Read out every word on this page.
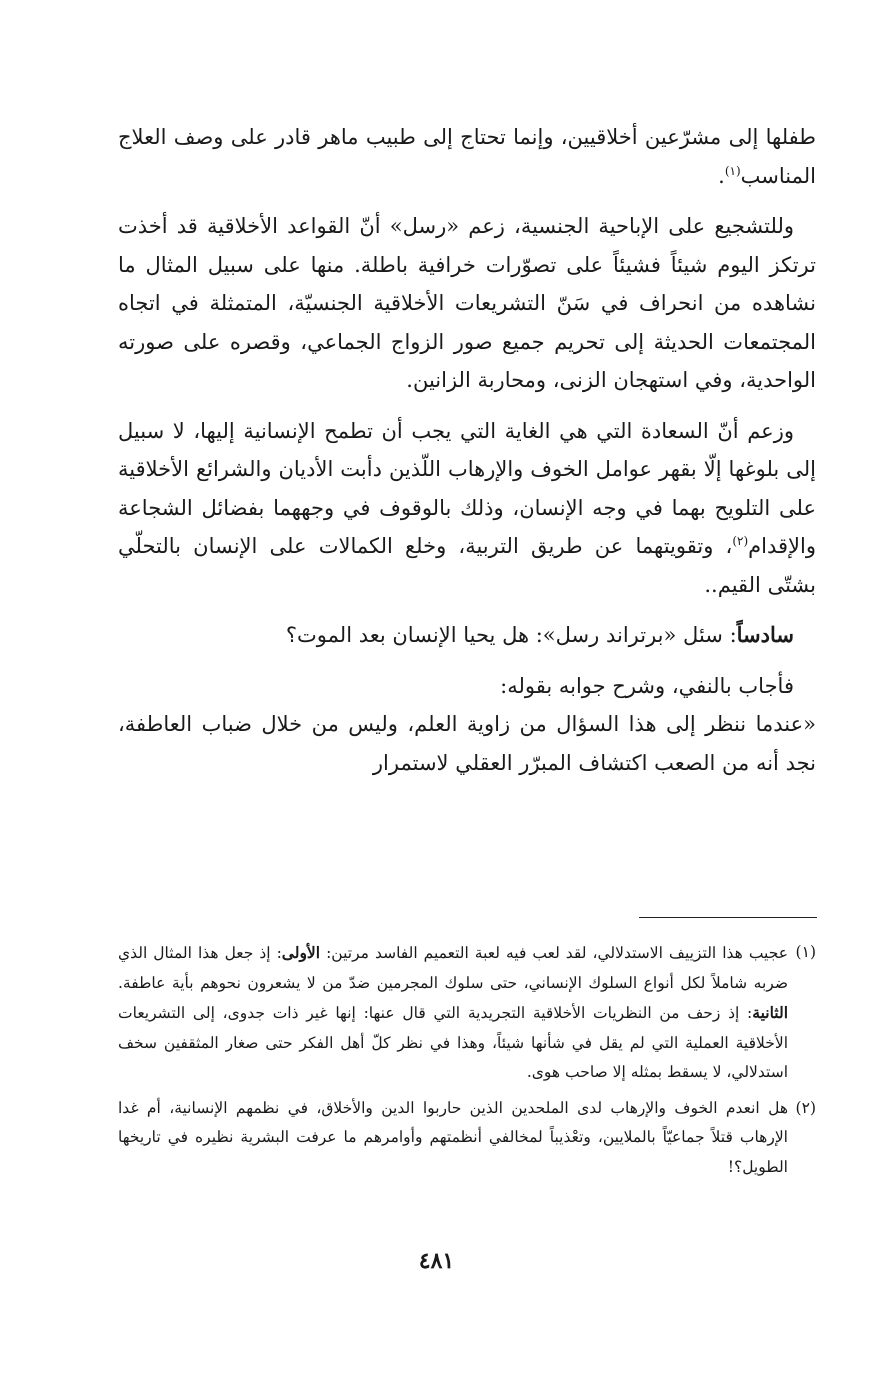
طفلها إلى مشرّعين أخلاقيين، وإنما تحتاج إلى طبيب ماهر قادر على وصف العلاج المناسب$^{(١)}$.

وللتشجيع على الإباحية الجنسية، زعم «رسل» أنّ القواعد الأخلاقية قد أخذت ترتكز اليوم شيئاً فشيئاً على تصوّرات خرافية باطلة. منها على سبيل المثال ما نشاهده من انحراف في سَنّ التشريعات الأخلاقية الجنسيّة، المتمثلة في اتجاه المجتمعات الحديثة إلى تحريم جميع صور الزواج الجماعي، وقصره على صورته الواحدية، وفي استهجان الزنى، ومحاربة الزانين.

وزعم أنّ السعادة التي هي الغاية التي يجب أن تطمح الإنسانية إليها، لا سبيل إلى بلوغها إلّا بقهر عوامل الخوف والإرهاب اللّذين دأبت الأديان والشرائع الأخلاقية على التلويح بهما في وجه الإنسان، وذلك بالوقوف في وجههما بفضائل الشجاعة والإقدام$^{(٢)}$، وتقويتهما عن طريق التربية، وخلع الكمالات على الإنسان بالتحلّي بشتّى القيم..

سادساً: سئل «برتراند رسل»: هل يحيا الإنسان بعد الموت؟

فأجاب بالنفي، وشرح جوابه بقوله:

«عندما ننظر إلى هذا السؤال من زاوية العلم، وليس من خلال ضباب العاطفة، نجد أنه من الصعب اكتشاف المبرّر العقلي لاستمرار

(١)
عجيب هذا التزييف الاستدلالي، لقد لعب فيه لعبة التعميم الفاسد مرتين: الأولى: إذ جعل هذا المثال الذي ضربه شاملاً لكل أنواع السلوك الإنساني، حتى سلوك المجرمين ضدّ من لا يشعرون نحوهم بأية عاطفة. الثانية: إذ زحف من النظريات الأخلاقية التجريدية التي قال عنها: إنها غير ذات جدوى، إلى التشريعات الأخلاقية العملية التي لم يقل في شأنها شيئاً، وهذا في نظر كلّ أهل الفكر حتى صغار المثقفين سخف استدلالي، لا يسقط بمثله إلا صاحب هوى.

(٢)
هل انعدم الخوف والإرهاب لدى الملحدين الذين حاربوا الدين والأخلاق، في نظمهم الإنسانية، أم غدا الإرهاب قتلاً جماعيّاً بالملايين، وتعْذيباً لمخالفي أنظمتهم وأوامرهم ما عرفت البشرية نظيره في تاريخها الطويل؟!

٤٨١
